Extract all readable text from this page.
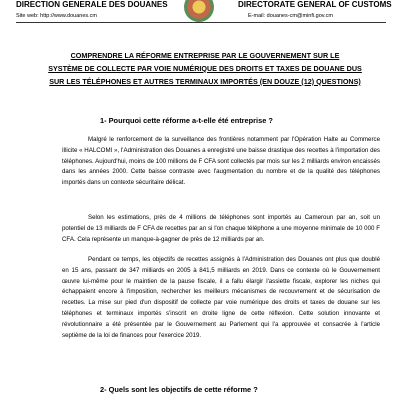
DIRECTION GENERALE DES DOUANES	DIRECTORATE GENERAL OF CUSTOMS
Site web: http://www.douanes.cm	E-mail: douanes-cm@minfi.gov.cm
COMPRENDRE LA RÉFORME ENTREPRISE PAR LE GOUVERNEMENT SUR LE
SYSTÈME DE COLLECTE PAR VOIE NUMÉRIQUE DES DROITS ET TAXES DE DOUANE DUS
SUR LES TÉLÉPHONES ET AUTRES TERMINAUX IMPORTÉS (EN DOUZE (12) QUESTIONS)
1- Pourquoi cette réforme a-t-elle été entreprise ?

Malgré le renforcement de la surveillance des frontières notamment par l'Opération Halte au Commerce Illicite « HALCOMI », l'Administration des Douanes a enregistré une baisse drastique des recettes à l'importation des téléphones. Aujourd'hui, moins de 100 millions de F CFA sont collectés par mois sur les 2 milliards environ encaissés dans les années 2000. Cette baisse contraste avec l'augmentation du nombre et de la qualité des téléphones importés dans un contexte sécuritaire délicat.

Selon les estimations, près de 4 millions de téléphones sont importés au Cameroun par an, soit un potentiel de 13 milliards de F CFA de recettes par an si l'on chaque téléphone a une moyenne minimale de 10 000 F CFA. Cela représente un manque-à-gagner de près de 12 milliards par an.

Pendant ce temps, les objectifs de recettes assignés à l'Administration des Douanes ont plus que doublé en 15 ans, passant de 347 milliards en 2005 à 841,5 milliards en 2019. Dans ce contexte où le Gouvernement œuvre lui-même pour le maintien de la pause fiscale, il a fallu élargir l'assiette fiscale, explorer les niches qui échappaient encore à l'imposition, rechercher les meilleurs mécanismes de recouvrement et de sécurisation de recettes. La mise sur pied d'un dispositif de collecte par voie numérique des droits et taxes de douane sur les téléphones et terminaux importés s'inscrit en droite ligne de cette réflexion. Cette solution innovante et révolutionnaire a été présentée par le Gouvernement au Parlement qui l'a approuvée et consacrée à l'article septième de la loi de finances pour l'exercice 2019.

2- Quels sont les objectifs de cette réforme ?
